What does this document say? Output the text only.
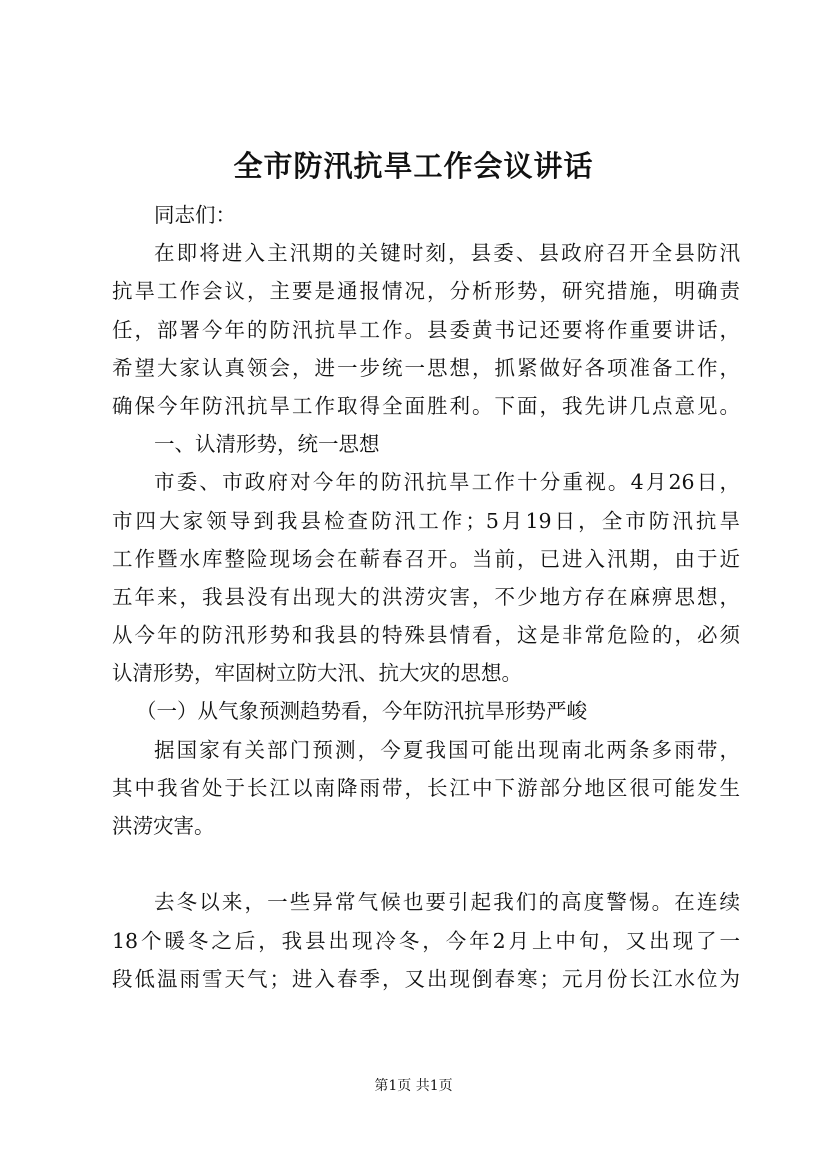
全市防汛抗旱工作会议讲话
同志们：
在即将进入主汛期的关键时刻，县委、县政府召开全县防汛
抗旱工作会议，主要是通报情况，分析形势，研究措施，明确责
任，部署今年的防汛抗旱工作。县委黄书记还要将作重要讲话，
希望大家认真领会，进一步统一思想，抓紧做好各项准备工作，
确保今年防汛抗旱工作取得全面胜利。下面，我先讲几点意见。
一、认清形势，统一思想
市委、市政府对今年的防汛抗旱工作十分重视。4月26日，
市四大家领导到我县检查防汛工作；5月19日，全市防汛抗旱
工作暨水库整险现场会在蕲春召开。当前，已进入汛期，由于近
五年来，我县没有出现大的洪涝灾害，不少地方存在麻痹思想，
从今年的防汛形势和我县的特殊县情看，这是非常危险的，必须
认清形势，牢固树立防大汛、抗大灾的思想。
（一）从气象预测趋势看，今年防汛抗旱形势严峻
据国家有关部门预测，今夏我国可能出现南北两条多雨带，
其中我省处于长江以南降雨带，长江中下游部分地区很可能发生
洪涝灾害。
去冬以来，一些异常气候也要引起我们的高度警惕。在连续
18个暖冬之后，我县出现冷冬，今年2月上中旬，又出现了一
段低温雨雪天气；进入春季，又出现倒春寒；元月份长江水位为
第1页 共1页
